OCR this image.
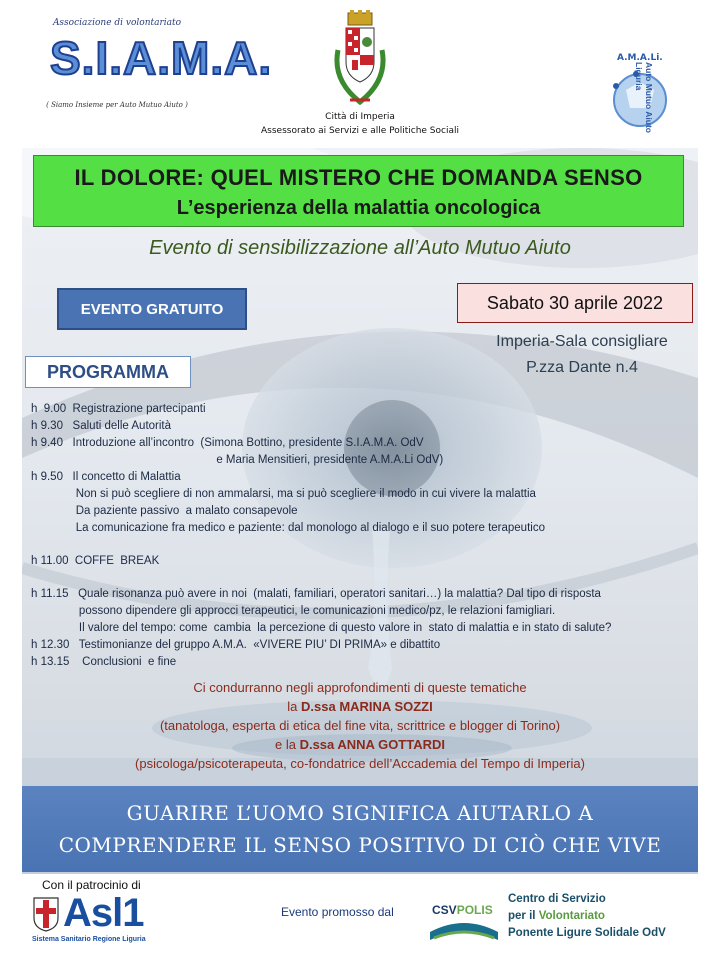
Associazione di volontariato
S.I.A.M.A.
( Siamo Insieme per Auto Mutuo Aiuto )
Città di Imperia
Assessorato ai Servizi e alle Politiche Sociali
A.M.A.Li.
Auto Mutuo Aiuto Liguria
IL DOLORE: QUEL MISTERO CHE DOMANDA SENSO
L’esperienza della malattia oncologica
Evento di sensibilizzazione all’Auto Mutuo Aiuto
EVENTO GRATUITO	Sabato 30 aprile 2022
Imperia-Sala consigliare
P.zza Dante n.4
PROGRAMMA
h  9.00  Registrazione partecipanti
h 9.30   Saluti delle Autorità
h 9.40   Introduzione all’incontro  (Simona Bottino, presidente S.I.A.M.A. OdV
e Maria Mensitieri, presidente A.M.A.Li OdV)
h 9.50   Il concetto di Malattia
Non si può scegliere di non ammalarsi, ma si può scegliere il modo in cui vivere la malattia
Da paziente passivo  a malato consapevole
La comunicazione fra medico e paziente: dal monologo al dialogo e il suo potere terapeutico
h 11.00  COFFE  BREAK
h 11.15   Quale risonanza può avere in noi  (malati, familiari, operatori sanitari…) la malattia? Dal tipo di risposta
possono dipendere gli approcci terapeutici, le comunicazioni medico/pz, le relazioni famigliari.
Il valore del tempo: come  cambia  la percezione di questo valore in  stato di malattia e in stato di salute?
h 12.30   Testimonianze del gruppo A.M.A.  «VIVERE PIU’ DI PRIMA» e dibattito
h 13.15    Conclusioni  e fine
Ci condurranno negli approfondimenti di queste tematiche
la D.ssa MARINA SOZZI
(tanatologa, esperta di etica del fine vita, scrittrice e blogger di Torino)
e la D.ssa ANNA GOTTARDI
(psicologa/psicoterapeuta, co-fondatrice dell’Accademia del Tempo di Imperia)
GUARIRE L’UOMO SIGNIFICA AIUTARLO A
COMPRENDERE IL SENSO POSITIVO DI CIÒ CHE VIVE
Con il patrocinio di
Asl1
Sistema Sanitario Regione Liguria
Evento promosso dal	CSVPOLIS
Centro di Servizio
per il Volontariato
Ponente Ligure Solidale OdV
